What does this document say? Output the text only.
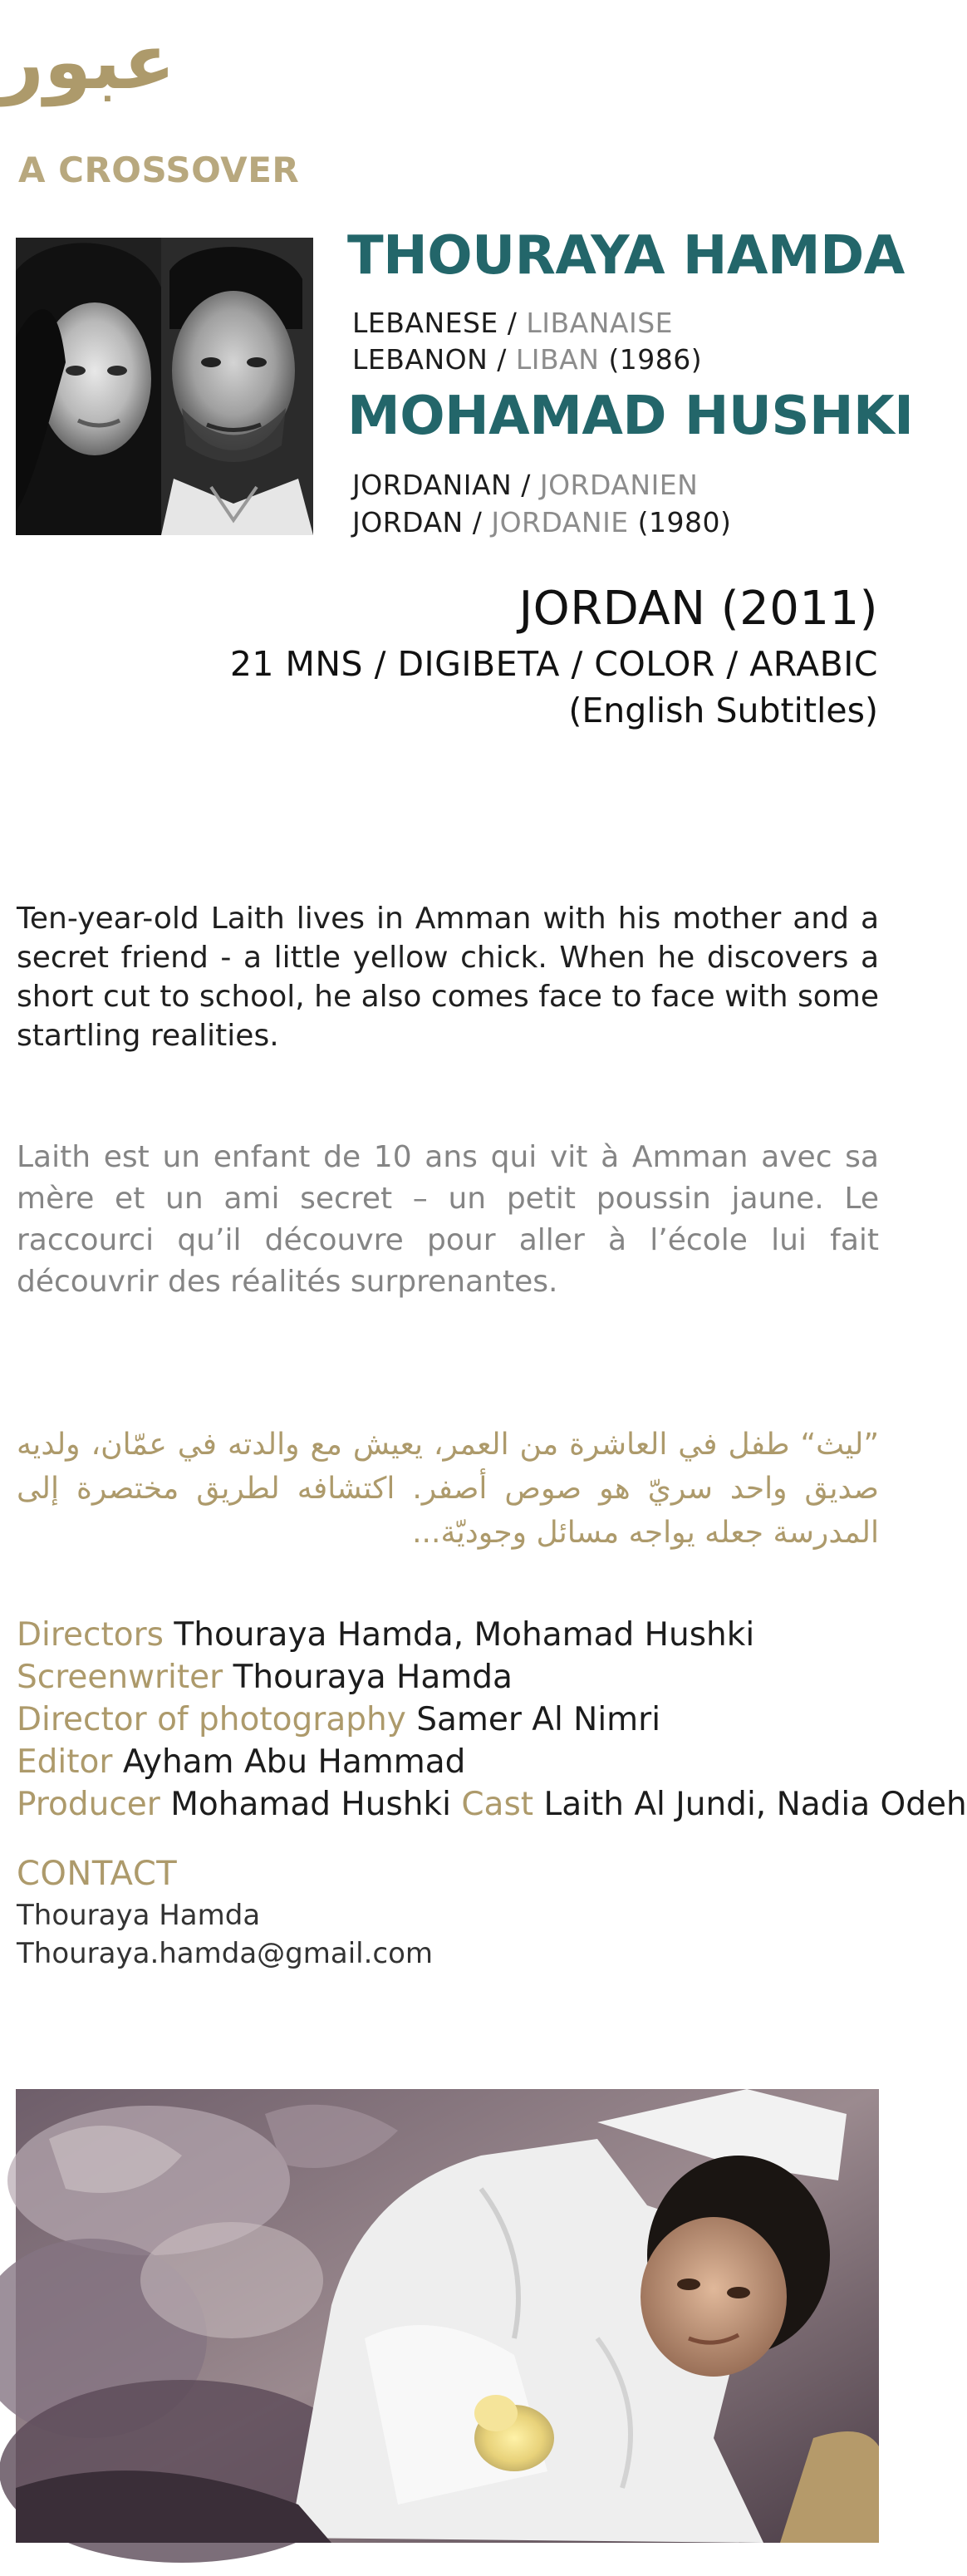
عبور
A CROSSOVER
THOURAYA HAMDA
LEBANESE / LIBANAISE
LEBANON / LIBAN (1986)
MOHAMAD HUSHKI
JORDANIAN / JORDANIEN
JORDAN / JORDANIE (1980)
JORDAN (2011)
21 MNS / DIGIBETA / COLOR / ARABIC
(English Subtitles)
Ten-year-old Laith lives in Amman with his mother and a secret friend - a little yellow chick. When he discovers a short cut to school, he also comes face to face with some startling realities.
Laith est un enfant de 10 ans qui vit à Amman avec sa mère et un ami secret – un petit poussin jaune. Le raccourci qu’il découvre pour aller à l’école lui fait découvrir des réalités surprenantes.
”ليث“ طفل في العاشرة من العمر، يعيش مع والدته في عمّان، ولديه صديق واحد سريّ هو صوص أصفر. اكتشافه لطريق مختصرة إلى المدرسة جعله يواجه مسائل وجوديّة...
Directors Thouraya Hamda, Mohamad Hushki
Screenwriter Thouraya Hamda
Director of photography Samer Al Nimri
Editor Ayham Abu Hammad
Producer Mohamad Hushki Cast Laith Al Jundi, Nadia Odeh
CONTACT
Thouraya Hamda
Thouraya.hamda@gmail.com
